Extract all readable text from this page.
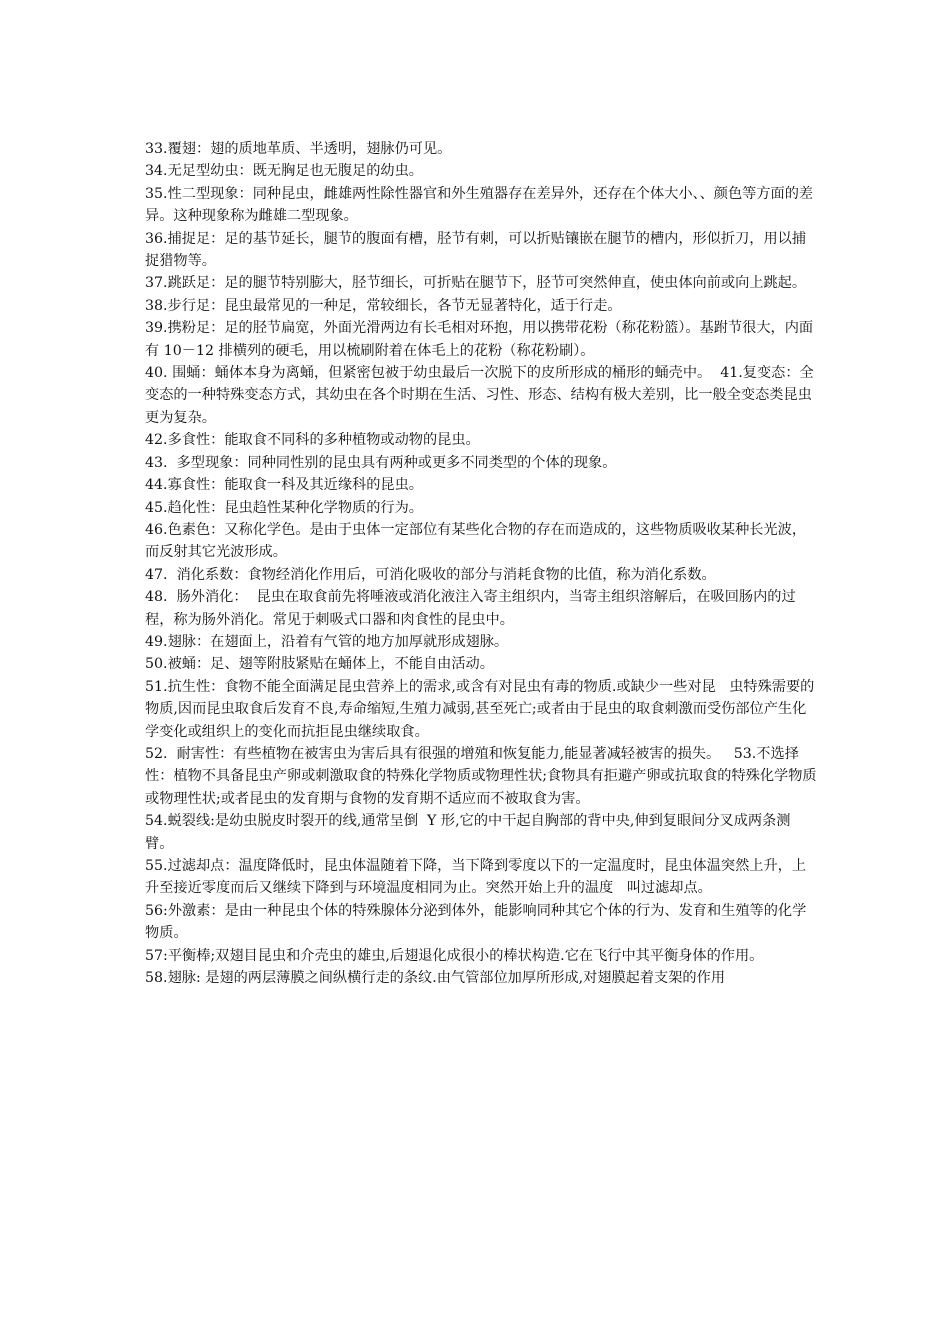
33.覆翅：翅的质地革质、半透明，翅脉仍可见。

34.无足型幼虫：既无胸足也无腹足的幼虫。

35.性二型现象：同种昆虫，雌雄两性除性器官和外生殖器存在差异外，还存在个体大小、、颜色等方面的差异。这种现象称为雌雄二型现象。

36.捕捉足：足的基节延长，腿节的腹面有槽，胫节有刺，可以折贴镶嵌在腿节的槽内，形似折刀，用以捕捉猎物等。

37.跳跃足：足的腿节特别膨大，胫节细长，可折贴在腿节下，胫节可突然伸直，使虫体向前或向上跳起。

38.步行足：昆虫最常见的一种足，常较细长，各节无显著特化，适于行走。

39.携粉足：足的胫节扁宽，外面光滑两边有长毛相对环抱，用以携带花粉（称花粉篮）。基跗节很大，内面有 10－12 排横列的硬毛，用以梳刷附着在体毛上的花粉（称花粉刷）。

40. 围蛹：蛹体本身为离蛹，但紧密包被于幼虫最后一次脱下的皮所形成的桶形的蛹壳中。  41.复变态：全变态的一种特殊变态方式，其幼虫在各个时期在生活、习性、形态、结构有极大差别，比一般全变态类昆虫更为复杂。

42.多食性：能取食不同科的多种植物或动物的昆虫。

43.  多型现象：同种同性别的昆虫具有两种或更多不同类型的个体的现象。

44.寡食性：能取食一科及其近缘科的昆虫。

45.趋化性：昆虫趋性某种化学物质的行为。

46.色素色：又称化学色。是由于虫体一定部位有某些化合物的存在而造成的，这些物质吸收某种长光波，而反射其它光波形成。

47.  消化系数：食物经消化作用后，可消化吸收的部分与消耗食物的比值，称为消化系数。

48.  肠外消化：  昆虫在取食前先将唾液或消化液注入寄主组织内，当寄主组织溶解后，在吸回肠内的过程，称为肠外消化。常见于刺吸式口器和肉食性的昆虫中。

49.翅脉：在翅面上，沿着有气管的地方加厚就形成翅脉。

50.被蛹：足、翅等附肢紧贴在蛹体上，不能自由活动。

51.抗生性：食物不能全面满足昆虫营养上的需求,或含有对昆虫有毒的物质.或缺少一些对昆   虫特殊需要的物质,因而昆虫取食后发育不良,寿命缩短,生殖力减弱,甚至死亡;或者由于昆虫的取食刺激而受伤部位产生化学变化或组织上的变化而抗拒昆虫继续取食。

52.  耐害性：有些植物在被害虫为害后具有很强的增殖和恢复能力,能显著减轻被害的损失。   53.不选择性：植物不具备昆虫产卵或刺激取食的特殊化学物质或物理性状;食物具有拒避产卵或抗取食的特殊化学物质或物理性状;或者昆虫的发育期与食物的发育期不适应而不被取食为害。

54.蜕裂线:是幼虫脱皮时裂开的线,通常呈倒  Y 形,它的中干起自胸部的背中央,伸到复眼间分叉成两条测臂。

55.过滤却点：温度降低时，昆虫体温随着下降，当下降到零度以下的一定温度时，昆虫体温突然上升，上升至接近零度而后又继续下降到与环境温度相同为止。突然开始上升的温度   叫过滤却点。

56:外激素：是由一种昆虫个体的特殊腺体分泌到体外，能影响同种其它个体的行为、发育和生殖等的化学物质。

57:平衡棒;双翅目昆虫和介壳虫的雄虫,后翅退化成很小的棒状构造.它在飞行中其平衡身体的作用。

58.翅脉: 是翅的两层薄膜之间纵横行走的条纹.由气管部位加厚所形成,对翅膜起着支架的作用
